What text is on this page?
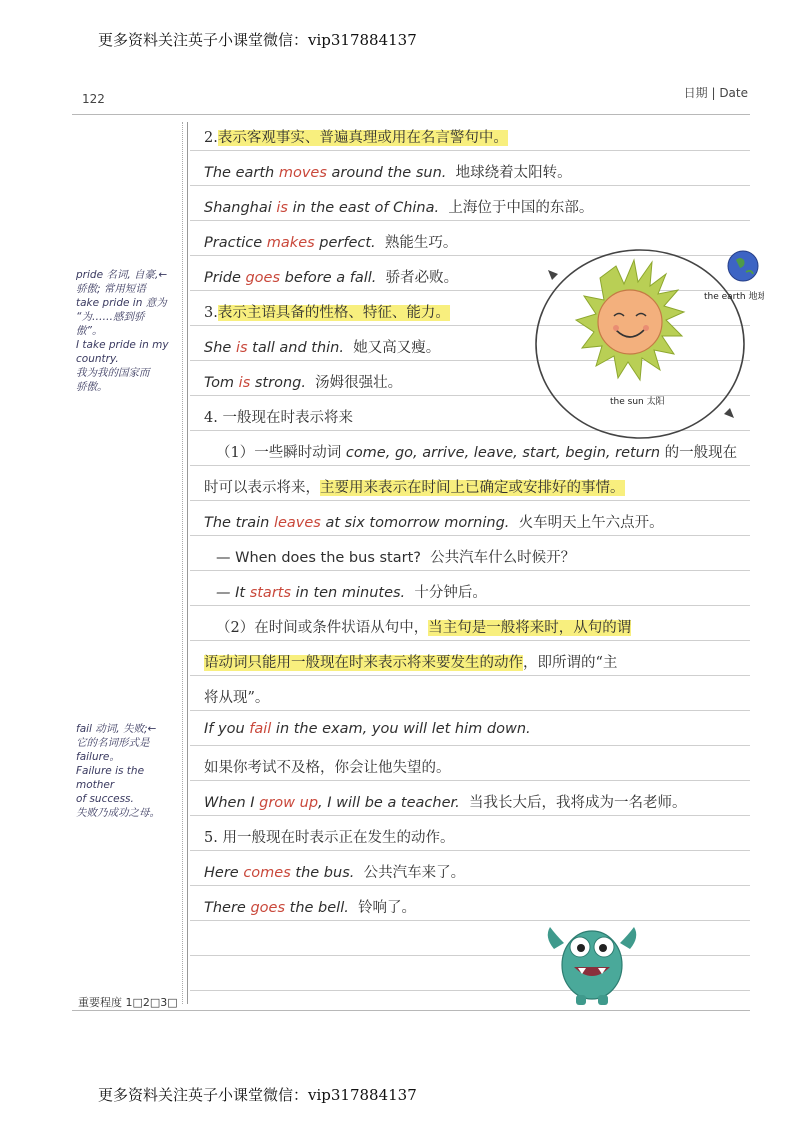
更多资料关注英子小课堂微信：vip317884137
122	日期 | Date
重要程度 1□2□3□
pride 名词, 自豪,←
骄傲; 常用短语
take pride in 意为
“为……感到骄
傲”。
I take pride in my
country.
我为我的国家而
骄傲。
fail 动词, 失败;←
它的名词形式是
failure。
Failure is the mother
of success.
失败乃成功之母。
2.表示客观事实、普遍真理或用在名言警句中。
The earth moves around the sun. 地球绕着太阳转。
Shanghai is in the east of China. 上海位于中国的东部。
Practice makes perfect. 熟能生巧。
Pride goes before a fall. 骄者必败。
3.表示主语具备的性格、特征、能力。
She is tall and thin. 她又高又瘦。
Tom is strong. 汤姆很强壮。
4. 一般现在时表示将来
（1）一些瞬时动词 come, go, arrive, leave, start, begin, return 的一般现在
时可以表示将来，主要用来表示在时间上已确定或安排好的事情。
The train leaves at six tomorrow morning. 火车明天上午六点开。
— When does the bus start? 公共汽车什么时候开？
— It starts in ten minutes. 十分钟后。
（2）在时间或条件状语从句中，当主句是一般将来时，从句的谓
语动词只能用一般现在时来表示将来要发生的动作，即所谓的“主
将从现”。
If you fail in the exam, you will let him down.
如果你考试不及格，你会让他失望的。
When I grow up, I will be a teacher. 当我长大后，我将成为一名老师。
5. 用一般现在时表示正在发生的动作。
Here comes the bus. 公共汽车来了。
There goes the bell. 铃响了。
the earth 地球
the sun 太阳
更多资料关注英子小课堂微信：vip317884137
